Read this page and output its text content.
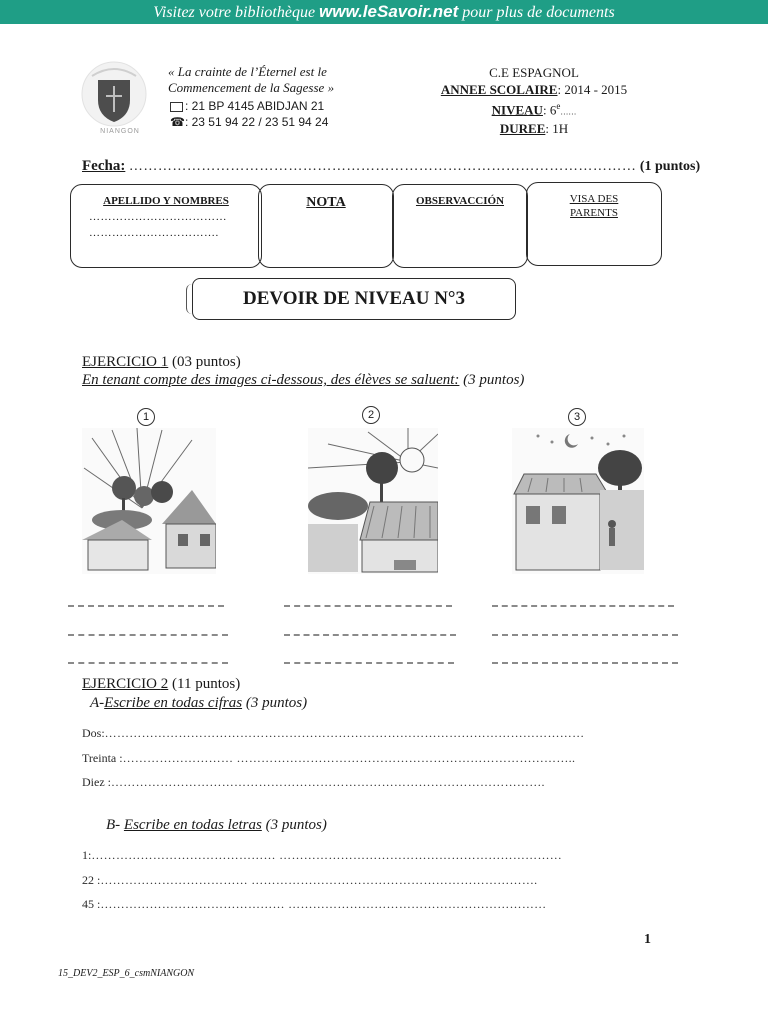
Visitez votre bibliothèque www.leSavoir.net pour plus de documents
NIANGON
« La crainte de l’Éternel est le
Commencement de la Sagesse »
: 21 BP 4145 ABIDJAN 21
☎: 23 51 94 22 / 23 51 94 24
C.E ESPAGNOL
ANNEE SCOLAIRE: 2014 - 2015
NIVEAU: 6e……
DUREE: 1H
Fecha: …………………………………………………………………………………………… (1 puntos)
APELLIDO Y NOMBRES
………………………………
…………………………….
NOTA	OBSERVACCIÓN	VISA DES
PARENTS
DEVOIR DE NIVEAU N°3
EJERCICIO 1 (03 puntos)
En tenant compte des images ci-dessous, des élèves se saluent: (3 puntos)
1	2	3
EJERCICIO 2 (11 puntos)
A-Escribe en todas cifras (3 puntos)
Dos:………………………………………………………………………………………………………
Treinta :……………………… ………………………………………………………………………..
Diez :…………………………………………………………………………………………….
B- Escribe en todas letras (3 puntos)
1:……………………………………… ……………………………………………………………
22 :……………………………… …………………………………………………………….
45 :……………………………………… ………………………………………………………
1
15_DEV2_ESP_6_csmNIANGON
